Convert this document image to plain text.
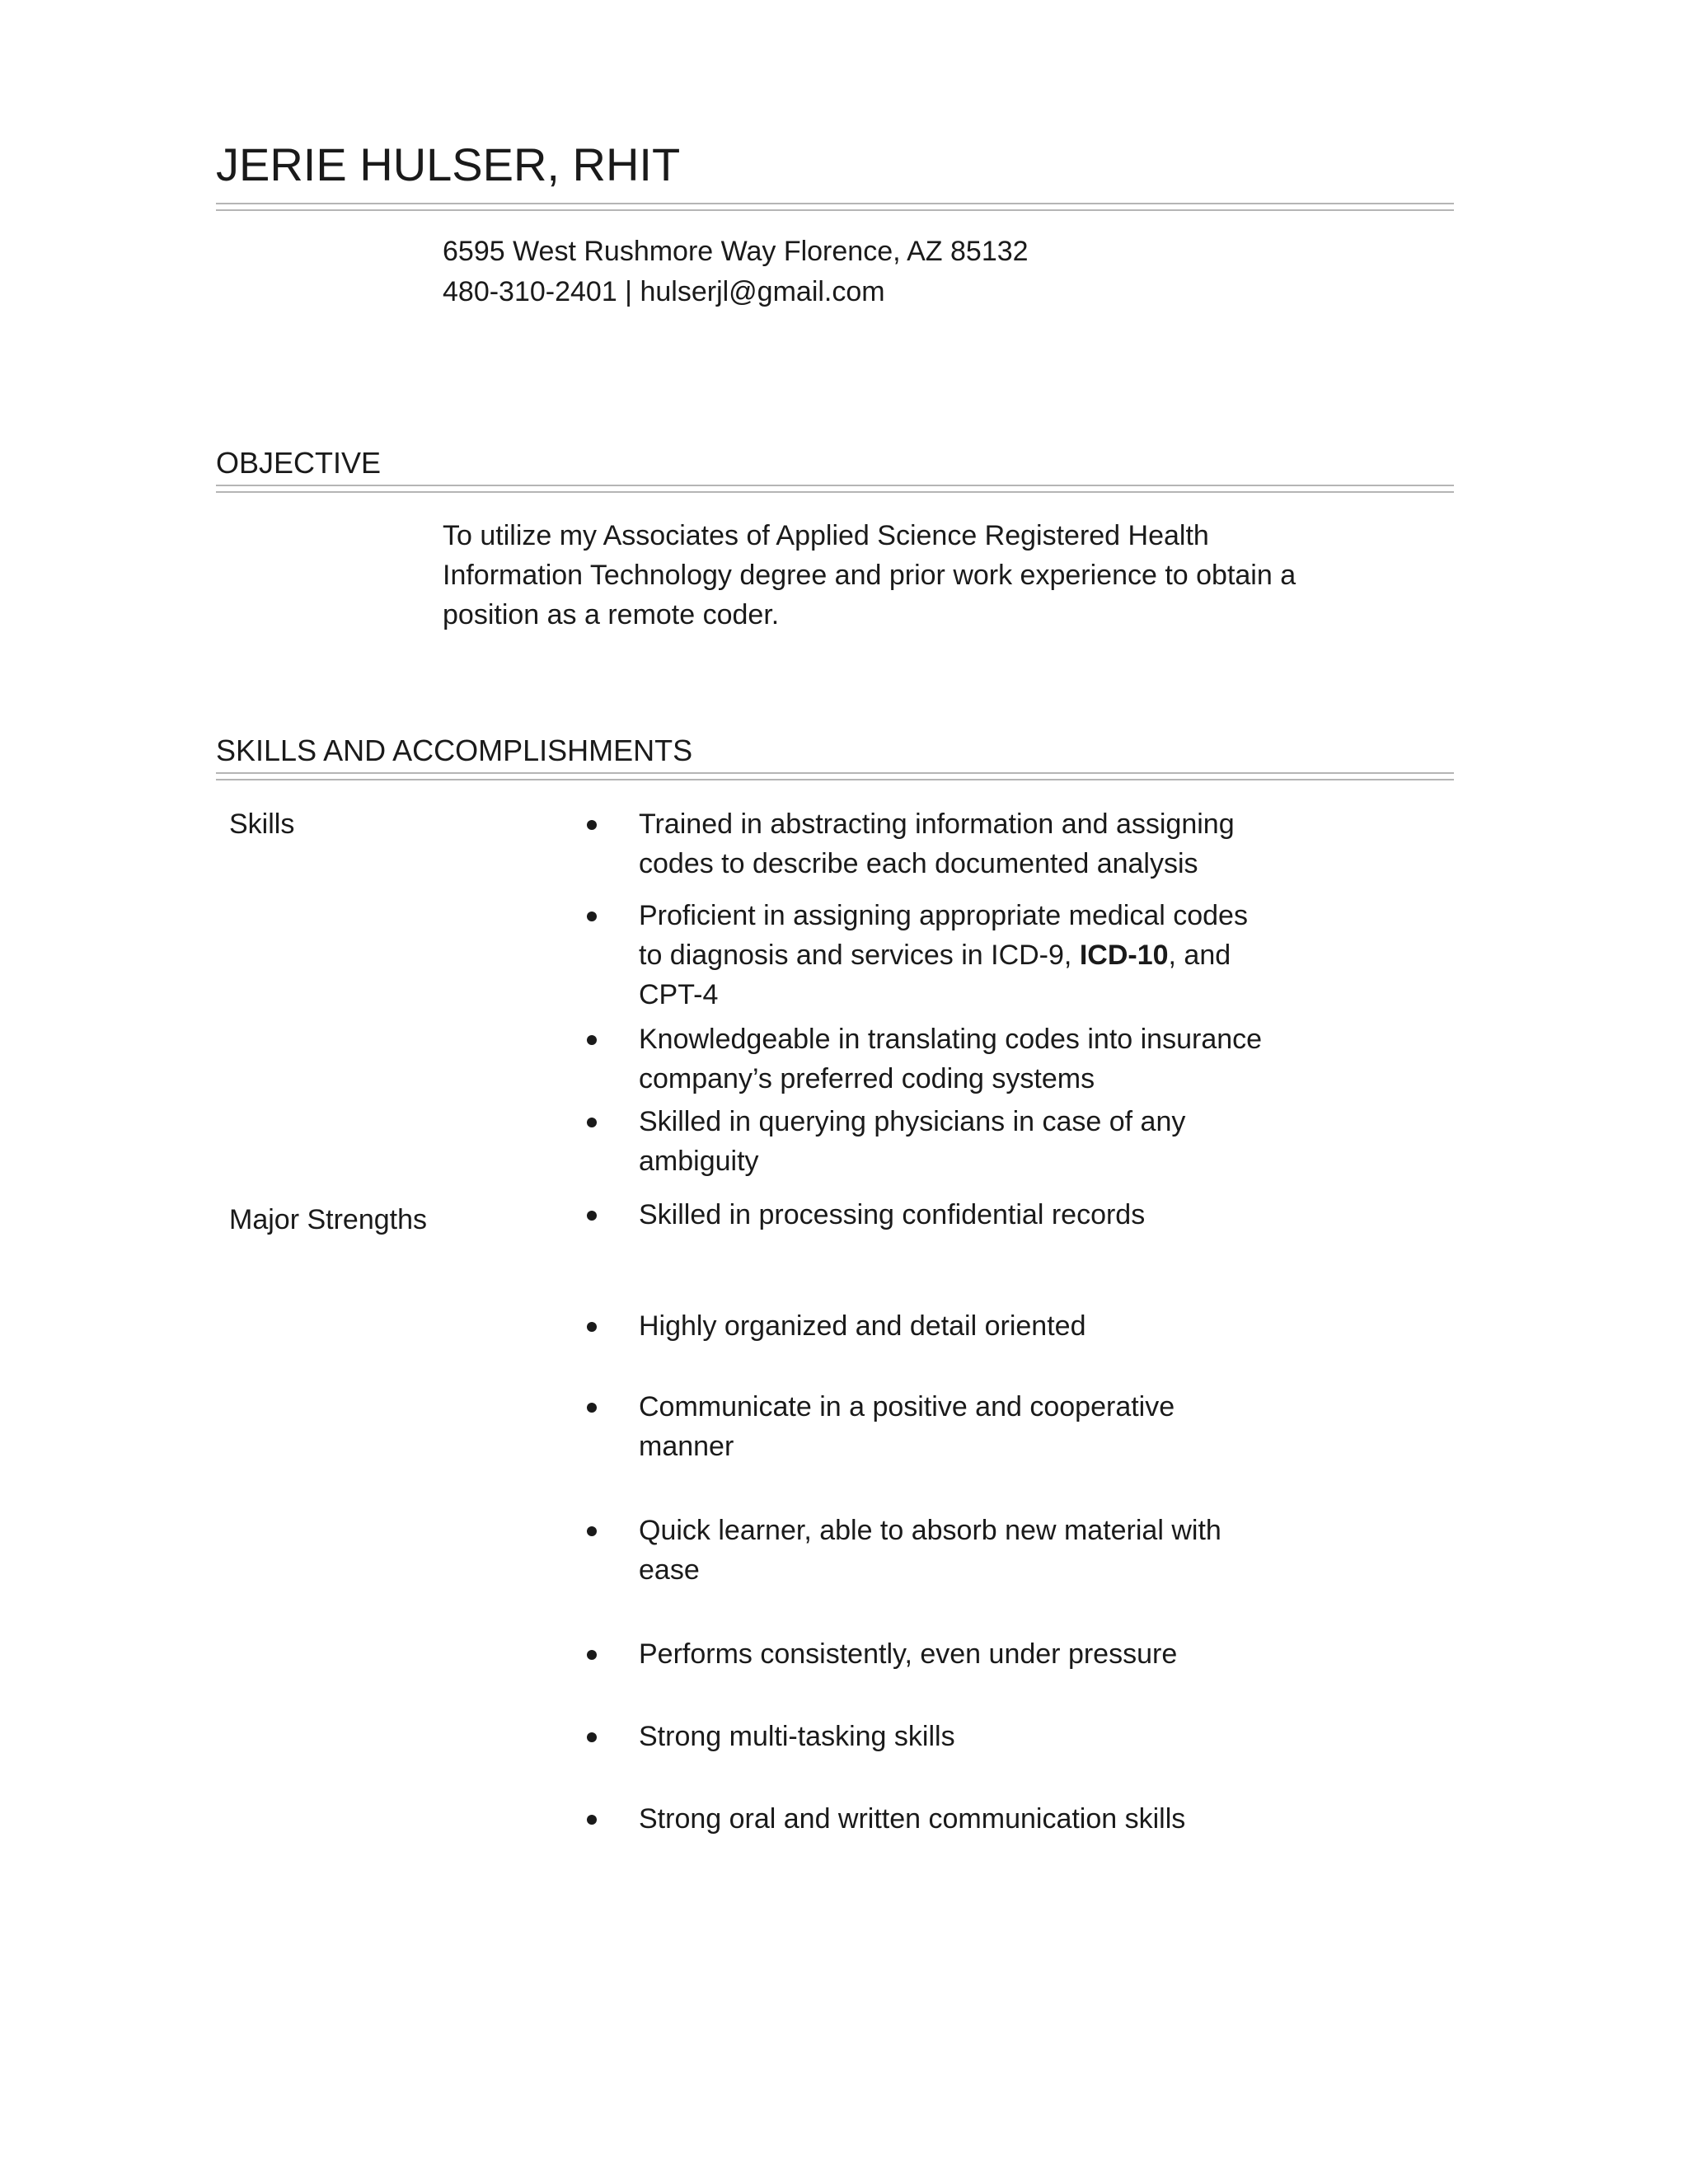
JERIE HULSER, RHIT
6595 West Rushmore Way Florence, AZ 85132
480-310-2401 | hulserjl@gmail.com
OBJECTIVE
To utilize my Associates of Applied Science Registered Health
Information Technology degree and prior work experience to obtain a
position as a remote coder.
SKILLS AND ACCOMPLISHMENTS
Skills	Trained in abstracting information and assigning
codes to describe each documented analysis
Proficient in assigning appropriate medical codes
to diagnosis and services in ICD-9, ICD-10, and
CPT-4
Knowledgeable in translating codes into insurance
company’s preferred coding systems
Skilled in querying physicians in case of any
ambiguity
Major Strengths	Skilled in processing confidential records
Highly organized and detail oriented
Communicate in a positive and cooperative
manner
Quick learner, able to absorb new material with
ease
Performs consistently, even under pressure
Strong multi-tasking skills
Strong oral and written communication skills
